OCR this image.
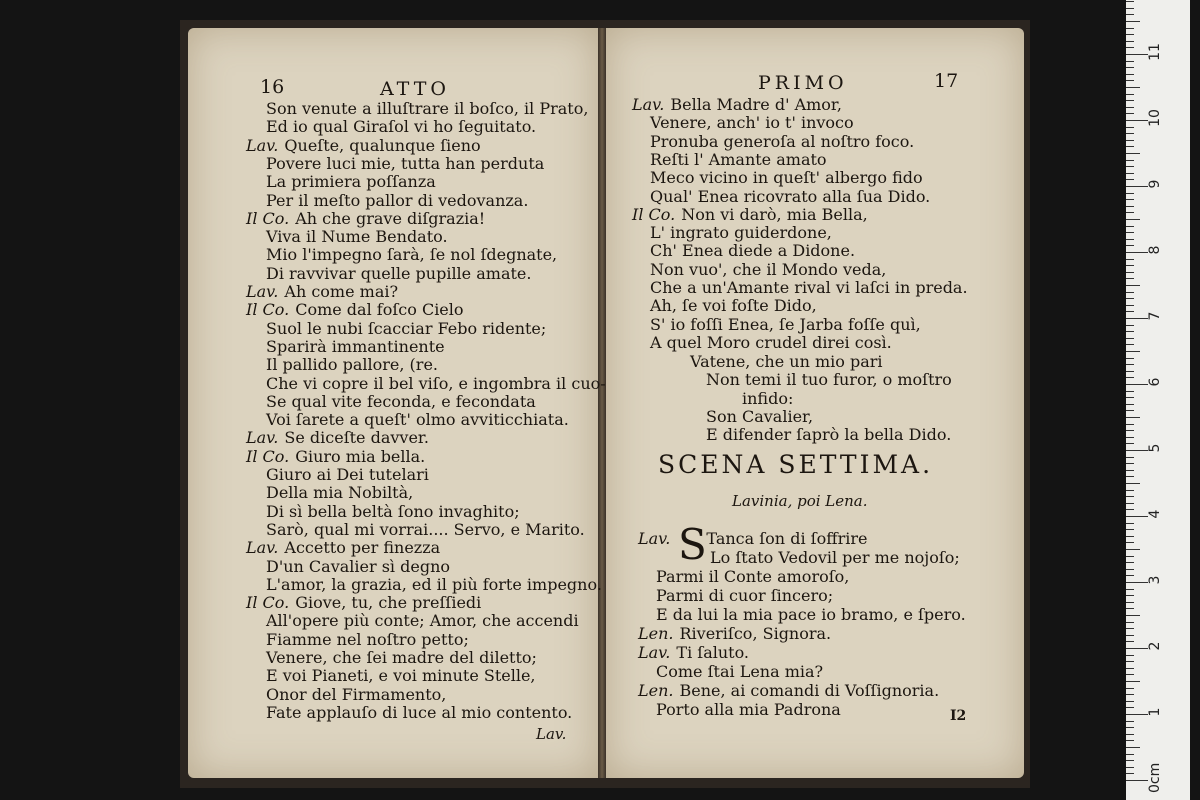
16	ATTO
Son venute a illuſtrare il boſco, il Prato,
Ed io qual Giraſol vi ho ſeguitato.
Lav. Queſte, qualunque ſieno
Povere luci mie, tutta han perduta
La primiera poſſanza
Per il meſto pallor di vedovanza.
Il Co. Ah che grave diſgrazia!
Viva il Nume Bendato.
Mio l'impegno ſarà, ſe nol ſdegnate,
Di ravvivar quelle pupille amate.
Lav. Ah come mai?
Il Co. Come dal foſco Cielo
Suol le nubi ſcacciar Febo ridente;
Sparirà immantinente
Il pallido pallore, (re.
Che vi copre il bel viſo, e ingombra il cuo-
Se qual vite feconda, e fecondata
Voi ſarete a queſt' olmo avviticchiata.
Lav. Se diceſte davver.
Il Co. Giuro mia bella.
Giuro ai Dei tutelari
Della mia Nobiltà,
Di sì bella beltà ſono invaghito;
Sarò, qual mi vorrai.... Servo, e Marito.
Lav. Accetto per finezza
D'un Cavalier sì degno
L'amor, la grazia, ed il più forte impegno.
Il Co. Giove, tu, che preſſiedi
All'opere più conte; Amor, che accendi
Fiamme nel noſtro petto;
Venere, che ſei madre del diletto;
E voi Pianeti, e voi minute Stelle,
Onor del Firmamento,
Fate applauſo di luce al mio contento.
Lav.
PRIMO	17
Lav. Bella Madre d' Amor,
Venere, anch' io t' invoco
Pronuba generoſa al noſtro foco.
Reſti l' Amante amato
Meco vicino in queſt' albergo fido
Qual' Enea ricovrato alla ſua Dido.
Il Co. Non vi darò, mia Bella,
L' ingrato guiderdone,
Ch' Enea diede a Didone.
Non vuo', che il Mondo veda,
Che a un'Amante rival vi laſci in preda.
Ah, ſe voi foſte Dido,
S' io foſſi Enea, ſe Jarba foſſe quì,
A quel Moro crudel direi così.
Vatene, che un mio pari
Non temi il tuo furor, o moſtro
infido:
Son Cavalier,
E difender ſaprò la bella Dido.
SCENA SETTIMA.
Lavinia, poi Lena.
S
Lav. Tanca ſon di ſoffrire
Lo ſtato Vedovil per me nojoſo;
Parmi il Conte amoroſo,
Parmi di cuor ſincero;
E da lui la mia pace io bramo, e ſpero.
Len. Riveriſco, Signora.
Lav. Ti ſaluto.
Come ſtai Lena mia?
Len. Bene, ai comandi di Voſſignoria.
Porto alla mia Padrona	I2
0cm
1
2
3
4
5
6
7
8
9
10
11
